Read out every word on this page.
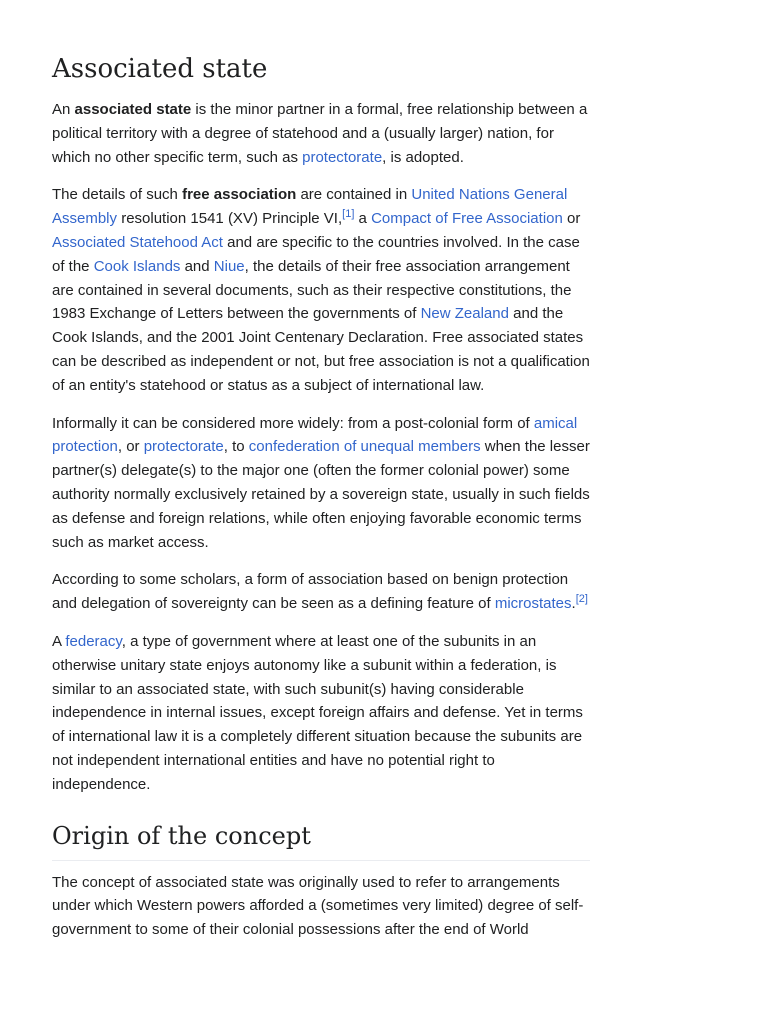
Associated state

An associated state is the minor partner in a formal, free relationship between a political territory with a degree of statehood and a (usually larger) nation, for which no other specific term, such as protectorate, is adopted.

The details of such free association are contained in United Nations General Assembly resolution 1541 (XV) Principle VI,[1] a Compact of Free Association or Associated Statehood Act and are specific to the countries involved. In the case of the Cook Islands and Niue, the details of their free association arrangement are contained in several documents, such as their respective constitutions, the 1983 Exchange of Letters between the governments of New Zealand and the Cook Islands, and the 2001 Joint Centenary Declaration. Free associated states can be described as independent or not, but free association is not a qualification of an entity's statehood or status as a subject of international law.

Informally it can be considered more widely: from a post-colonial form of amical protection, or protectorate, to confederation of unequal members when the lesser partner(s) delegate(s) to the major one (often the former colonial power) some authority normally exclusively retained by a sovereign state, usually in such fields as defense and foreign relations, while often enjoying favorable economic terms such as market access.

According to some scholars, a form of association based on benign protection and delegation of sovereignty can be seen as a defining feature of microstates.[2]

A federacy, a type of government where at least one of the subunits in an otherwise unitary state enjoys autonomy like a subunit within a federation, is similar to an associated state, with such subunit(s) having considerable independence in internal issues, except foreign affairs and defense. Yet in terms of international law it is a completely different situation because the subunits are not independent international entities and have no potential right to independence.

Origin of the concept

The concept of associated state was originally used to refer to arrangements under which Western powers afforded a (sometimes very limited) degree of self-government to some of their colonial possessions after the end of World
